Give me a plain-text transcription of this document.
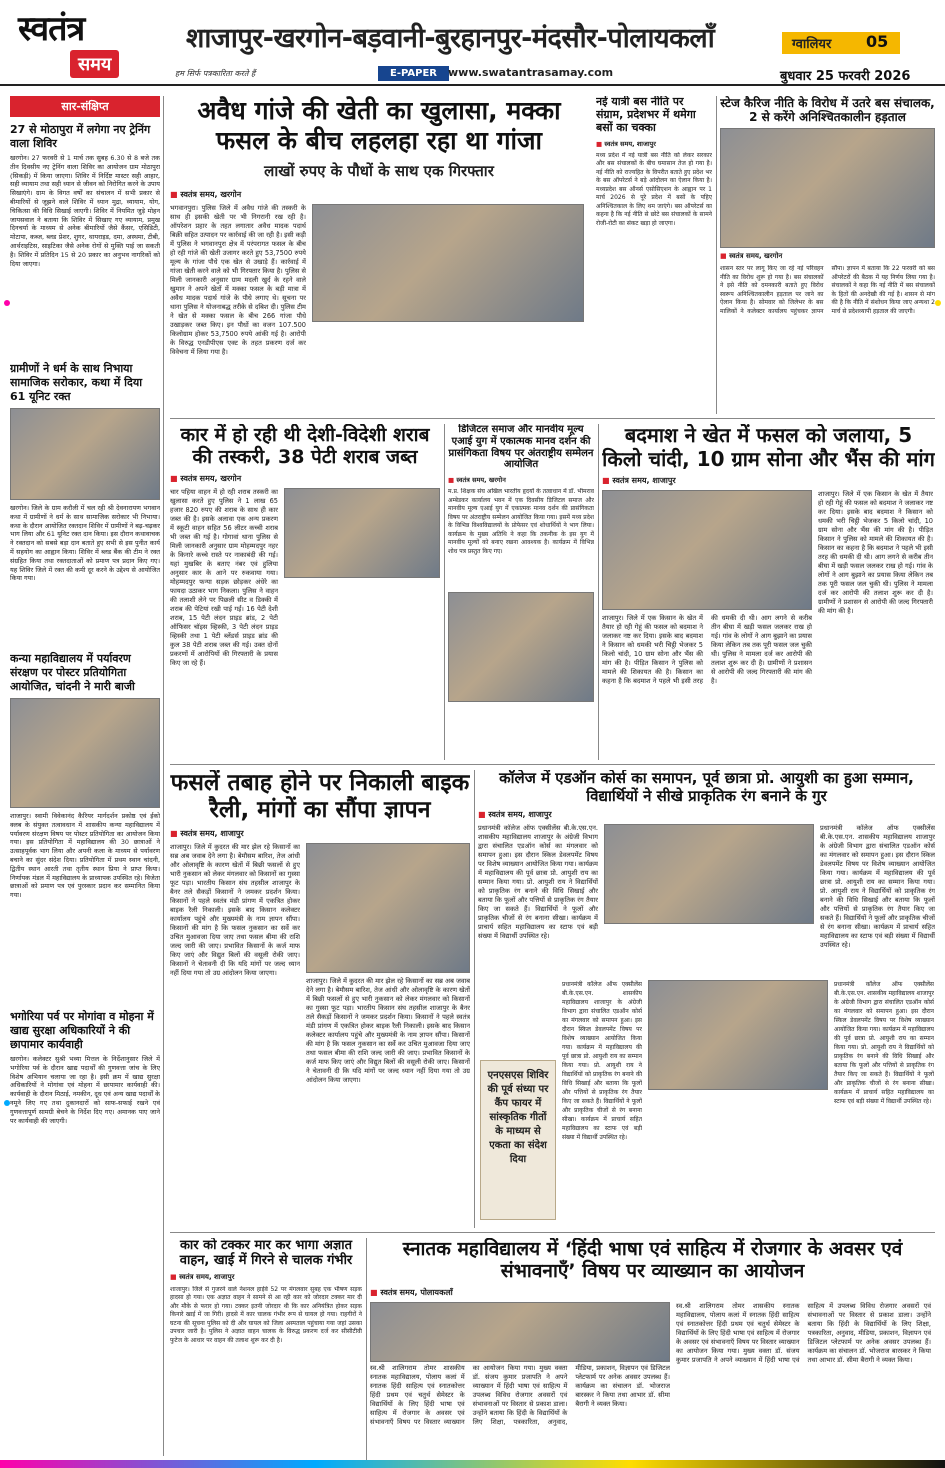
स्वतंत्र
समय	हम सिर्फ पत्रकारिता करते हैं
शाजापुर-खरगोन-बड़वानी-बुरहानपुर-मंदसौर-पोलायकलाँ	ग्वालियर 05
E-PAPER	www.swatantrasamay.com	बुधवार 25 फरवरी 2026
सार-संक्षिप्त
27 से मोठापुरा में लगेगा नए ट्रेनिंग वाला शिविर

खरगोन। 27 फरवरी से 1 मार्च तक सुबह 6.30 से 8 बजे तक तीन दिवसीय नए ट्रेनिंग वाला शिविर का आयोजन ग्राम मोठापुरा (सिकड़ी) में किया जाएगा। शिविर में निर्दिष्ट मास्टर सही आहार, सही व्यायाम तथा सही ध्यान से जीवन को निरोगित करने के उपाय सिखाएंगे। ग्राम के विगत वर्षों का संचालन में सभी प्रकार से बीमारियों से जूझने वाले शिविर में ध्यान मुद्रा, व्यायाम, योग, चिकित्सा की विधि सिखाई जाएगी। शिविर में नियमित जुड़े मोहन जायसवाल ने बताया कि शिविर में सिखाए गए व्यायाम, प्रमुख दिनचर्या के माध्यम से अनेक बीमारियों जैसे कैंसर, एसिडिटी, मोटापा, कब्ज, ब्लड प्रेशर, शुगर, थायराइड, दमा, अस्थमा, टीबी, आर्थराइटिस, साइटिका जैसे अनेक रोगों से मुक्ति पाई जा सकती है। शिविर में प्रतिदिन 15 से 20 प्रकार का अनुभव नागरिकों को दिया जाएगा।

ग्रामीणों ने धर्म के साथ निभाया सामाजिक सरोकार, कथा में दिया 61 यूनिट रक्त

खरगोन। जिले के ग्राम करौली में चल रही श्री देवनारायण भगवान कथा में ग्रामीणों ने धर्म के साथ सामाजिक सरोकार भी निभाया। कथा के दौरान आयोजित रक्तदान शिविर में ग्रामीणों ने बढ़-चढ़कर भाग लिया और 61 यूनिट रक्त दान किया। इस दौरान कथावाचक ने रक्तदान को सबसे बड़ा दान बताते हुए सभी से इस पुनीत कार्य में सहयोग का आह्वान किया। शिविर में ब्लड बैंक की टीम ने रक्त संग्रहित किया तथा रक्तदाताओं को प्रमाण पत्र प्रदान किए गए। यह शिविर जिले में रक्त की कमी दूर करने के उद्देश्य से आयोजित किया गया।

कन्या महाविद्यालय में पर्यावरण संरक्षण पर पोस्टर प्रतियोगिता आयोजित, चांदनी ने मारी बाजी

शाजापुर। स्वामी विवेकानंद कैरियर मार्गदर्शन प्रकोष्ठ एवं ईको क्लब के संयुक्त तत्वावधान में शासकीय कन्या महाविद्यालय में पर्यावरण संरक्षण विषय पर पोस्टर प्रतियोगिता का आयोजन किया गया। इस प्रतियोगिता में महाविद्यालय की 30 छात्राओं ने उत्साहपूर्वक भाग लिया और अपनी कला के माध्यम से पर्यावरण बचाने का सुंदर संदेश दिया। प्रतियोगिता में प्रथम स्थान चांदनी, द्वितीय स्थान आरती तथा तृतीय स्थान प्रिया ने प्राप्त किया। निर्णायक मंडल में महाविद्यालय के प्राध्यापक उपस्थित रहे। विजेता छात्राओं को प्रमाण पत्र एवं पुरस्कार प्रदान कर सम्मानित किया गया।

भगोरिया पर्व पर मोगांवा व मोहना में खाद्य सुरक्षा अधिकारियों ने की छापामार कार्यवाही

खरगोन। कलेक्टर सुश्री भव्या मित्तल के निर्देशानुसार जिले में भगोरिया पर्व के दौरान खाद्य पदार्थों की गुणवत्ता जांच के लिए विशेष अभियान चलाया जा रहा है। इसी क्रम में खाद्य सुरक्षा अधिकारियों ने मोगांवा एवं मोहना में छापामार कार्यवाही की। कार्यवाही के दौरान मिठाई, नमकीन, दूध एवं अन्य खाद्य पदार्थों के नमूने लिए गए तथा दुकानदारों को साफ-सफाई रखने एवं गुणवत्तापूर्ण सामग्री बेचने के निर्देश दिए गए। अमानक पाए जाने पर कार्यवाही की जाएगी।

अवैध गांजे की खेती का खुलासा, मक्का फसल के बीच लहलहा रहा था गांजा
लाखों रुपए के पौधों के साथ एक गिरफ्तार
■ स्वतंत्र समय, खरगोन
भगवानपुरा। पुलिस जिले में अवैध गांजे की तस्करी के साथ ही इसकी खेती पर भी निगरानी रख रही है। ऑपरेशन प्रहार के तहत लगातार अवैध मादक पदार्थ बिक्री सहित उत्पादन पर कार्रवाई की जा रही है। इसी कड़ी में पुलिस ने भगवानपुरा क्षेत्र में परंपरागत फसल के बीच हो रही गांजे की खेती उजागर करते हुए 53,7500 रुपये मूल्य के गांजा पौधे एक खेत से उखाड़े हैं। कार्रवाई में गांजा खेती करने वाले को भी गिरफ्तार किया है। पुलिस से मिली जानकारी अनुसार ग्राम मदली खुर्द के रहने वाले खुमान ने अपने खेतों में मक्का फसल के बड़ी मात्रा में अवैध मादक पदार्थ गांजे के पौधे लगाए थे। सूचना पर थाना पुलिस ने योजनाबद्ध तरीके से दबिश दी। पुलिस टीम ने खेत से मक्का फसल के बीच 266 गांजा पौधे उखाड़कर जब्त किए। इन पौधों का वजन 107.500 किलोग्राम होकर 53,7500 रुपये आंकी गई है। आरोपी के विरुद्ध एनडीपीएस एक्ट के तहत प्रकरण दर्ज कर विवेचना में लिया गया है।
नई यात्री बस नीति पर संग्राम, प्रदेशभर में थमेगा बसों का चक्का
■ स्वतंत्र समय, शाजापुर
मध्य प्रदेश में नई यात्री बस नीति को लेकर सरकार और बस संचालकों के बीच घमासान तेज हो गया है। नई नीति को राज्यहित के विपरीत बताते हुए प्रदेश भर के बस ऑपरेटर्स ने बड़े आंदोलन का ऐलान किया है। मध्यप्रदेश बस ऑनर्स एसोसिएशन के आह्वान पर 1 मार्च 2026 से पूरे प्रदेश में बसों के पहिए अनिश्चितकाल के लिए थम जाएंगे। बस ऑपरेटर्स का कहना है कि नई नीति से छोटे बस संचालकों के सामने रोजी-रोटी का संकट खड़ा हो जाएगा।
स्टेज कैरिज नीति के विरोध में उतरे बस संचालक, 2 से करेंगे अनिश्चितकालीन हड़ताल
■ स्वतंत्र समय, खरगोन
शासन स्तर पर लागू किए जा रहे नई परिवहन नीति का विरोध शुरू हो गया है। बस संचालकों ने इसे नीति को दमनकारी बताते हुए विरोध स्वरूप अनिश्चितकालीन हड़ताल पर जाने का ऐलान किया है। सोमवार को जिलेभर के बस मालिकों ने कलेक्टर कार्यालय पहुंचकर ज्ञापन सौंपा। ज्ञापन में बताया कि 22 फरवरी को बस ऑपरेटरों की बैठक में यह निर्णय लिया गया है। संचालकों ने कहा कि नई नीति में बस संचालकों के हितों की अनदेखी की गई है। शासन से मांग की है कि नीति में संशोधन किया जाए अन्यथा 2 मार्च से प्रदेशव्यापी हड़ताल की जाएगी।
कार में हो रही थी देशी-विदेशी शराब की तस्करी, 38 पेटी शराब जब्त
■ स्वतंत्र समय, खरगोन
चार पहिया वाहन में हो रही शराब तस्करी का खुलासा करते हुए पुलिस ने 1 लाख 65 हजार 820 रुपए की शराब के साथ ही कार जब्त की है। इसके अलावा एक अन्य प्रकरण में स्कूटी वाहन सहित 56 लीटर कच्ची शराब भी जब्त की गई है। गोगावां थाना पुलिस से मिली जानकारी अनुसार ग्राम मोहम्मदपुर नहर के किनारे कच्चे रास्ते पर नाकाबंदी की गई। यहां मुखबिर के बताए नंबर एवं हुलिया अनुसार कार के आने पर रुकवाया गया। मोहम्मदपुर फन्या सड़क छोड़कर अंधेरे का फायदा उठाकर भाग निकला। पुलिस ने वाहन की तलाशी लेने पर पिछली सीट व डिक्की में शराब की पेटियां रखी पाई गईं। 16 पेटी देशी शराब, 15 पेटी लंदन प्राइड ब्रांड, 2 पेटी ऑफिसर चॉइस व्हिस्की, 3 पेटी लंदन प्राइड व्हिस्की तथा 1 पेटी ब्लेंडर्स प्राइड ब्रांड की कुल 38 पेटी शराब जब्त की गई। उक्त दोनों प्रकरणों में आरोपियों की गिरफ्तारी के प्रयास किए जा रहे हैं।
डिजिटल समाज और मानवीय मूल्य एआई युग में एकात्मक मानव दर्शन की प्रासंगिकता विषय पर अंतराष्ट्रीय सम्मेलन आयोजित
■ स्वतंत्र समय, खरगोन
म.प्र. शिक्षक संघ अखिल भारतीय हृदयों के तत्वाधान में डॉ. भीमराव अम्बेडकर कार्यालय भवन में एक दिवसीय डिजिटल समाज और मानवीय मूल्य एआई युग में एकात्मक मानव दर्शन की प्रासंगिकता विषय पर अंतराष्ट्रीय सम्मेलन आयोजित किया गया। इसमें मध्य प्रदेश के विभिन्न विश्वविद्यालयों के प्रोफेसर एवं शोधार्थियों ने भाग लिया। कार्यक्रम के मुख्य अतिथि ने कहा कि तकनीक के इस युग में मानवीय मूल्यों को बनाए रखना आवश्यक है। कार्यक्रम में विभिन्न शोध पत्र प्रस्तुत किए गए।
बदमाश ने खेत में फसल को जलाया, 5 किलो चांदी, 10 ग्राम सोना और भैंस की मांग
■ स्वतंत्र समय, शाजापुर
शाजापुर। जिले में एक किसान के खेत में तैयार हो रही गेहूं की फसल को बदमाश ने जलाकर नष्ट कर दिया। इसके बाद बदमाश ने किसान को धमकी भरी चिट्ठी भेजकर 5 किलो चांदी, 10 ग्राम सोना और भैंस की मांग की है। पीड़ित किसान ने पुलिस को मामले की शिकायत की है। किसान का कहना है कि बदमाश ने पहले भी इसी तरह की धमकी दी थी। आग लगने से करीब तीन बीघा में खड़ी फसल जलकर राख हो गई। गांव के लोगों ने आग बुझाने का प्रयास किया लेकिन तब तक पूरी फसल जल चुकी थी। पुलिस ने मामला दर्ज कर आरोपी की तलाश शुरू कर दी है। ग्रामीणों ने प्रशासन से आरोपी की जल्द गिरफ्तारी की मांग की है।
शाजापुर। जिले में एक किसान के खेत में तैयार हो रही गेहूं की फसल को बदमाश ने जलाकर नष्ट कर दिया। इसके बाद बदमाश ने किसान को धमकी भरी चिट्ठी भेजकर 5 किलो चांदी, 10 ग्राम सोना और भैंस की मांग की है। पीड़ित किसान ने पुलिस को मामले की शिकायत की है। किसान का कहना है कि बदमाश ने पहले भी इसी तरह की धमकी दी थी। आग लगने से करीब तीन बीघा में खड़ी फसल जलकर राख हो गई। गांव के लोगों ने आग बुझाने का प्रयास किया लेकिन तब तक पूरी फसल जल चुकी थी। पुलिस ने मामला दर्ज कर आरोपी की तलाश शुरू कर दी है। ग्रामीणों ने प्रशासन से आरोपी की जल्द गिरफ्तारी की मांग की है।
फसलें तबाह होने पर निकाली बाइक रैली, मांगों का सौंपा ज्ञापन
■ स्वतंत्र समय, शाजापुर
शाजापुर। जिले में कुदरत की मार झेल रहे किसानों का सब्र अब जवाब देने लगा है। बेमौसम बारिश, तेज आंधी और ओलावृष्टि के कारण खेतों में बिछी फसलों से हुए भारी नुकसान को लेकर मंगलवार को किसानों का गुस्सा फूट पड़ा। भारतीय किसान संघ तहसील शाजापुर के बैनर तले सैकड़ों किसानों ने जमकर प्रदर्शन किया। किसानों ने पहले स्वतंत्र मंडी प्रांगण में एकत्रित होकर बाइक रैली निकाली। इसके बाद किसान कलेक्टर कार्यालय पहुंचे और मुख्यमंत्री के नाम ज्ञापन सौंपा। किसानों की मांग है कि फसल नुकसान का सर्वे कर उचित मुआवजा दिया जाए तथा फसल बीमा की राशि जल्द जारी की जाए। प्रभावित किसानों के कर्ज माफ किए जाएं और विद्युत बिलों की वसूली रोकी जाए। किसानों ने चेतावनी दी कि यदि मांगों पर जल्द ध्यान नहीं दिया गया तो उग्र आंदोलन किया जाएगा।
शाजापुर। जिले में कुदरत की मार झेल रहे किसानों का सब्र अब जवाब देने लगा है। बेमौसम बारिश, तेज आंधी और ओलावृष्टि के कारण खेतों में बिछी फसलों से हुए भारी नुकसान को लेकर मंगलवार को किसानों का गुस्सा फूट पड़ा। भारतीय किसान संघ तहसील शाजापुर के बैनर तले सैकड़ों किसानों ने जमकर प्रदर्शन किया। किसानों ने पहले स्वतंत्र मंडी प्रांगण में एकत्रित होकर बाइक रैली निकाली। इसके बाद किसान कलेक्टर कार्यालय पहुंचे और मुख्यमंत्री के नाम ज्ञापन सौंपा। किसानों की मांग है कि फसल नुकसान का सर्वे कर उचित मुआवजा दिया जाए तथा फसल बीमा की राशि जल्द जारी की जाए। प्रभावित किसानों के कर्ज माफ किए जाएं और विद्युत बिलों की वसूली रोकी जाए। किसानों ने चेतावनी दी कि यदि मांगों पर जल्द ध्यान नहीं दिया गया तो उग्र आंदोलन किया जाएगा।
कॉलेज में एडऑन कोर्स का समापन, पूर्व छात्रा प्रो. आयुशी का हुआ सम्मान, विद्यार्थियों ने सीखे प्राकृतिक रंग बनाने के गुर
■ स्वतंत्र समय, शाजापुर
प्रधानमंत्री कॉलेज ऑफ एक्सीलेंस बी.के.एस.एन. शासकीय महाविद्यालय शाजापुर के अंग्रेजी विभाग द्वारा संचालित एडऑन कोर्स का मंगलवार को समापन हुआ। इस दौरान स्किल डेवलपमेंट विषय पर विशेष व्याख्यान आयोजित किया गया। कार्यक्रम में महाविद्यालय की पूर्व छात्रा प्रो. आयुशी राय का सम्मान किया गया। प्रो. आयुशी राय ने विद्यार्थियों को प्राकृतिक रंग बनाने की विधि सिखाई और बताया कि फूलों और पत्तियों से प्राकृतिक रंग तैयार किए जा सकते हैं। विद्यार्थियों ने फूलों और प्राकृतिक चीजों से रंग बनाना सीखा। कार्यक्रम में प्राचार्य सहित महाविद्यालय का स्टाफ एवं बड़ी संख्या में विद्यार्थी उपस्थित रहे।
प्रधानमंत्री कॉलेज ऑफ एक्सीलेंस बी.के.एस.एन. शासकीय महाविद्यालय शाजापुर के अंग्रेजी विभाग द्वारा संचालित एडऑन कोर्स का मंगलवार को समापन हुआ। इस दौरान स्किल डेवलपमेंट विषय पर विशेष व्याख्यान आयोजित किया गया। कार्यक्रम में महाविद्यालय की पूर्व छात्रा प्रो. आयुशी राय का सम्मान किया गया। प्रो. आयुशी राय ने विद्यार्थियों को प्राकृतिक रंग बनाने की विधि सिखाई और बताया कि फूलों और पत्तियों से प्राकृतिक रंग तैयार किए जा सकते हैं। विद्यार्थियों ने फूलों और प्राकृतिक चीजों से रंग बनाना सीखा। कार्यक्रम में प्राचार्य सहित महाविद्यालय का स्टाफ एवं बड़ी संख्या में विद्यार्थी उपस्थित रहे।
प्रधानमंत्री कॉलेज ऑफ एक्सीलेंस बी.के.एस.एन. शासकीय महाविद्यालय शाजापुर के अंग्रेजी विभाग द्वारा संचालित एडऑन कोर्स का मंगलवार को समापन हुआ। इस दौरान स्किल डेवलपमेंट विषय पर विशेष व्याख्यान आयोजित किया गया। कार्यक्रम में महाविद्यालय की पूर्व छात्रा प्रो. आयुशी राय का सम्मान किया गया। प्रो. आयुशी राय ने विद्यार्थियों को प्राकृतिक रंग बनाने की विधि सिखाई और बताया कि फूलों और पत्तियों से प्राकृतिक रंग तैयार किए जा सकते हैं। विद्यार्थियों ने फूलों और प्राकृतिक चीजों से रंग बनाना सीखा। कार्यक्रम में प्राचार्य सहित महाविद्यालय का स्टाफ एवं बड़ी संख्या में विद्यार्थी उपस्थित रहे।
प्रधानमंत्री कॉलेज ऑफ एक्सीलेंस बी.के.एस.एन. शासकीय महाविद्यालय शाजापुर के अंग्रेजी विभाग द्वारा संचालित एडऑन कोर्स का मंगलवार को समापन हुआ। इस दौरान स्किल डेवलपमेंट विषय पर विशेष व्याख्यान आयोजित किया गया। कार्यक्रम में महाविद्यालय की पूर्व छात्रा प्रो. आयुशी राय का सम्मान किया गया। प्रो. आयुशी राय ने विद्यार्थियों को प्राकृतिक रंग बनाने की विधि सिखाई और बताया कि फूलों और पत्तियों से प्राकृतिक रंग तैयार किए जा सकते हैं। विद्यार्थियों ने फूलों और प्राकृतिक चीजों से रंग बनाना सीखा। कार्यक्रम में प्राचार्य सहित महाविद्यालय का स्टाफ एवं बड़ी संख्या में विद्यार्थी उपस्थित रहे।
एनएसएस शिविर की पूर्व संध्या पर कैंप फायर में सांस्कृतिक गीतों के माध्यम से एकता का संदेश दिया
कार को टक्कर मार कर भागा अज्ञात वाहन, खाई में गिरने से चालक गंभीर
■ स्वतंत्र समय, शाजापुर
शाजापुर। जिले से गुजरने वाले नेशनल हाईवे 52 पर मंगलवार सुबह एक भीषण सड़क हादसा हो गया। एक अज्ञात वाहन ने सामने से आ रही कार को जोरदार टक्कर मार दी और मौके से फरार हो गया। टक्कर इतनी जोरदार थी कि कार अनियंत्रित होकर सड़क किनारे खाई में जा गिरी। हादसे में कार चालक गंभीर रूप से घायल हो गया। राहगीरों ने घटना की सूचना पुलिस को दी और घायल को जिला अस्पताल पहुंचाया गया जहां उसका उपचार जारी है। पुलिस ने अज्ञात वाहन चालक के विरुद्ध प्रकरण दर्ज कर सीसीटीवी फुटेज के आधार पर वाहन की तलाश शुरू कर दी है।
स्नातक महाविद्यालय में ‘हिंदी भाषा एवं साहित्य में रोजगार के अवसर एवं संभावनाएँ’ विषय पर व्याख्यान का आयोजन
■ स्वतंत्र समय, पोलायकलाँ
स्व.श्री शालिगराम तोमर शासकीय स्नातक महाविद्यालय, पोलाय कलां में स्नातक हिंदी साहित्य एवं स्नातकोत्तर हिंदी प्रथम एवं चतुर्थ सेमेस्टर के विद्यार्थियों के लिए हिंदी भाषा एवं साहित्य में रोजगार के अवसर एवं संभावनाएँ विषय पर विस्तार व्याख्यान का आयोजन किया गया। मुख्य वक्ता डॉ. संजय कुमार प्रजापति ने अपने व्याख्यान में हिंदी भाषा एवं साहित्य में उपलब्ध विविध रोजगार अवसरों एवं संभावनाओं पर विस्तार से प्रकाश डाला। उन्होंने बताया कि हिंदी के विद्यार्थियों के लिए शिक्षा, पत्रकारिता, अनुवाद, मीडिया, प्रकाशन, विज्ञापन एवं डिजिटल प्लेटफार्म पर अनेक अवसर उपलब्ध हैं। कार्यक्रम का संचालन डॉ. भोजराज बारस्कर ने किया तथा आभार डॉ. सीमा बैरागी ने व्यक्त किया।
स्व.श्री शालिगराम तोमर शासकीय स्नातक महाविद्यालय, पोलाय कलां में स्नातक हिंदी साहित्य एवं स्नातकोत्तर हिंदी प्रथम एवं चतुर्थ सेमेस्टर के विद्यार्थियों के लिए हिंदी भाषा एवं साहित्य में रोजगार के अवसर एवं संभावनाएँ विषय पर विस्तार व्याख्यान का आयोजन किया गया। मुख्य वक्ता डॉ. संजय कुमार प्रजापति ने अपने व्याख्यान में हिंदी भाषा एवं साहित्य में उपलब्ध विविध रोजगार अवसरों एवं संभावनाओं पर विस्तार से प्रकाश डाला। उन्होंने बताया कि हिंदी के विद्यार्थियों के लिए शिक्षा, पत्रकारिता, अनुवाद, मीडिया, प्रकाशन, विज्ञापन एवं डिजिटल प्लेटफार्म पर अनेक अवसर उपलब्ध हैं। कार्यक्रम का संचालन डॉ. भोजराज बारस्कर ने किया तथा आभार डॉ. सीमा बैरागी ने व्यक्त किया।
